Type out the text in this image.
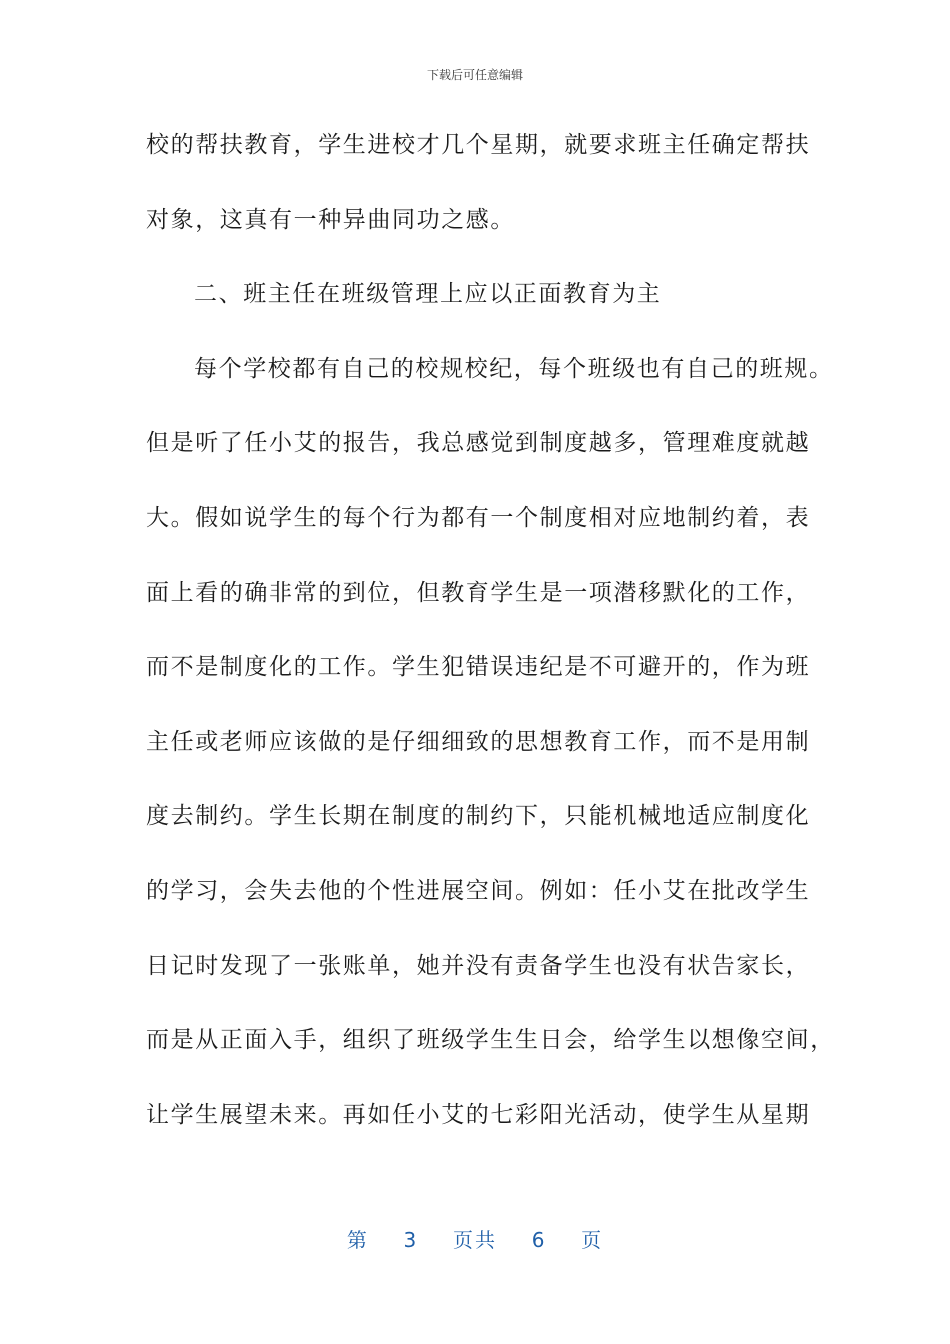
下载后可任意编辑
校的帮扶教育，学生进校才几个星期，就要求班主任确定帮扶
对象，这真有一种异曲同功之感。
二、班主任在班级管理上应以正面教育为主
每个学校都有自己的校规校纪，每个班级也有自己的班规。
但是听了任小艾的报告，我总感觉到制度越多，管理难度就越
大。假如说学生的每个行为都有一个制度相对应地制约着，表
面上看的确非常的到位，但教育学生是一项潜移默化的工作，
而不是制度化的工作。学生犯错误违纪是不可避开的，作为班
主任或老师应该做的是仔细细致的思想教育工作，而不是用制
度去制约。学生长期在制度的制约下，只能机械地适应制度化
的学习，会失去他的个性进展空间。例如：任小艾在批改学生
日记时发现了一张账单，她并没有责备学生也没有状告家长，
而是从正面入手，组织了班级学生生日会，给学生以想像空间，
让学生展望未来。再如任小艾的七彩阳光活动，使学生从星期
第 3 页共 6 页
